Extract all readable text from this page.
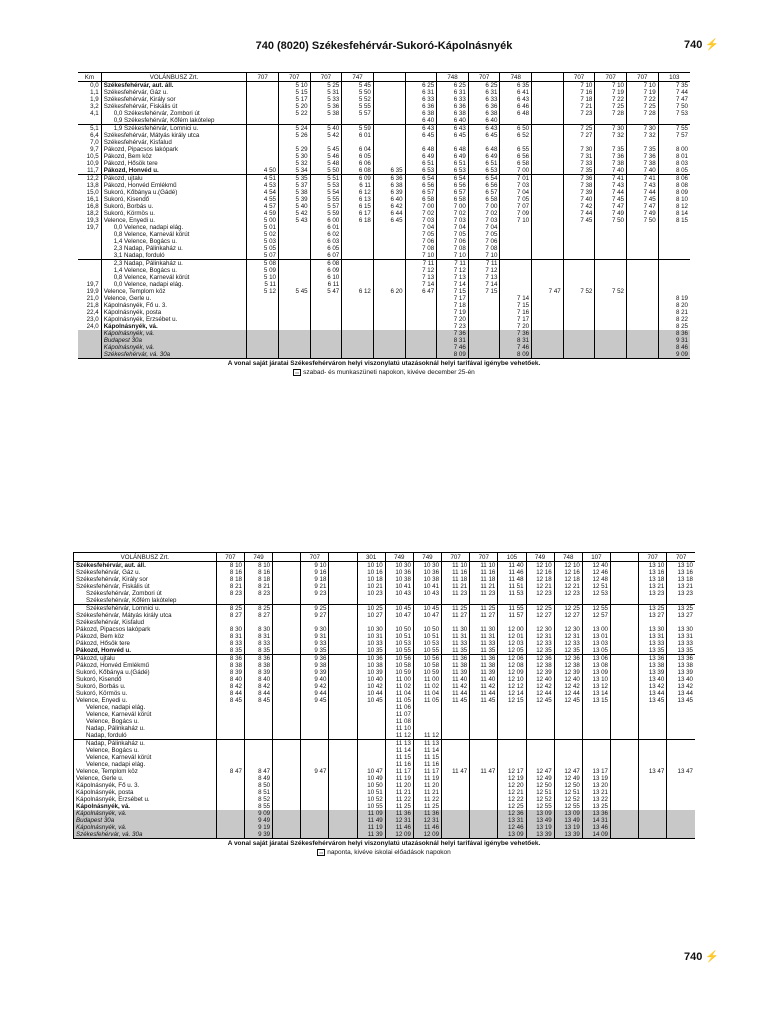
740 (8020) Székesfehérvár-Sukoró-Kápolnásnyék	740 ⚡
Km	VOLÁNBUSZ Zrt.	707	707	707	747			748	707	748		707	707	707	103
0,0	Székesfehérvár, aut. áll.		5 10	5 25	5 45		6 25	6 25	6 25	6 35		7 10	7 10	7 10	7 35
1,1	Székesfehérvár, Gáz u.		5 15	5 31	5 50		6 31	6 31	6 31	6 41		7 16	7 19	7 19	7 44
1,9	Székesfehérvár, Király sor		5 17	5 33	5 52		6 33	6 33	6 33	6 43		7 18	7 22	7 22	7 47
3,2	Székesfehérvár, Fiskális út		5 20	5 36	5 55		6 36	6 36	6 36	6 46		7 21	7 25	7 25	7 50
4,1	0,0 Székesfehérvár, Zombori út		5 22	5 38	5 57		6 38	6 38	6 38	6 48		7 23	7 28	7 28	7 53
	0,9 Székesfehérvár, Kőfém lakótelep						6 40	6 40	6 40						
5,1	1,9 Székesfehérvár, Lomnici u.		5 24	5 40	5 59		6 43	6 43	6 43	6 50		7 25	7 30	7 30	7 55
6,4	Székesfehérvár, Mátyás király utca		5 26	5 42	6 01		6 45	6 45	6 45	6 52		7 27	7 32	7 32	7 57
7,0	Székesfehérvár, Kisfalud														
9,7	Pákozd, Pipacsos lakópark		5 29	5 45	6 04		6 48	6 48	6 48	6 55		7 30	7 35	7 35	8 00
10,5	Pákozd, Bem köz		5 30	5 46	6 05		6 49	6 49	6 49	6 56		7 31	7 36	7 36	8 01
10,9	Pákozd, Hősök tere		5 32	5 48	6 06		6 51	6 51	6 51	6 58		7 33	7 38	7 38	8 03
11,7	Pákozd, Honvéd u.	4 50	5 34	5 50	6 08	6 35	6 53	6 53	6 53	7 00		7 35	7 40	7 40	8 05
12,2	Pákozd, ujtalu	4 51	5 35	5 51	6 09	6 36	6 54	6 54	6 54	7 01		7 36	7 41	7 41	8 06
13,8	Pákozd, Honvéd Emlékmű	4 53	5 37	5 53	6 11	6 38	6 56	6 56	6 56	7 03		7 38	7 43	7 43	8 08
15,0	Sukoró, Kőbánya u.(Gádé)	4 54	5 38	5 54	6 12	6 39	6 57	6 57	6 57	7 04		7 39	7 44	7 44	8 09
16,1	Sukoró, Kisendő	4 55	5 39	5 55	6 13	6 40	6 58	6 58	6 58	7 05		7 40	7 45	7 45	8 10
16,8	Sukoró, Borbás u.	4 57	5 40	5 57	6 15	6 42	7 00	7 00	7 00	7 07		7 42	7 47	7 47	8 12
18,2	Sukoró, Körmös u.	4 59	5 42	5 59	6 17	6 44	7 02	7 02	7 02	7 09		7 44	7 49	7 49	8 14
19,3	Velence, Enyedi u.	5 00	5 43	6 00	6 18	6 45	7 03	7 03	7 03	7 10		7 45	7 50	7 50	8 15
19,7	0,0 Velence, nadapi elág.	5 01		6 01			7 04	7 04	7 04						
	0,8 Velence, Karnevál körút	5 02		6 02			7 05	7 05	7 05						
	1,4 Velence, Bogács u.	5 03		6 03			7 06	7 06	7 06						
	2,3 Nadap, Pálinkaház u.	5 05		6 05			7 08	7 08	7 08						
	3,1 Nadap, forduló	5 07		6 07			7 10	7 10	7 10						
	2,3 Nadap, Pálinkaház u.	5 08		6 08			7 11	7 11	7 11						
	1,4 Velence, Bogács u.	5 09		6 09			7 12	7 12	7 12						
	0,8 Velence, Karnevál körút	5 10		6 10			7 13	7 13	7 13						
19,7	0,0 Velence, nadapi elág.	5 11		6 11			7 14	7 14	7 14						
19,9	Velence, Templom köz	5 12	5 45	5 47	6 12	6 20	6 47	7 15	7 15		7 47	7 52	7 52		
21,0	Velence, Gerle u.							7 17		7 14					8 19
21,8	Kápolnásnyék, Fő u. 3.							7 18		7 15					8 20
22,4	Kápolnásnyék, posta							7 19		7 16					8 21
23,0	Kápolnásnyék, Erzsébet u.							7 20		7 17					8 22
24,0	Kápolnásnyék, vá.							7 23		7 20					8 25
	Kápolnásnyék, vá.							7 36		7 36					8 36
	Budapest 30a							8 31		8 31					9 31
	Kápolnásnyék, vá.							7 46		7 46					8 46
	Székesfehérvár, vá. 30a							8 09		8 09					9 09
A vonal saját járatai Székesfehérváron helyi viszonylatú utazásoknál helyi tarifával igénybe vehetőek.
▭ szabad- és munkaszüneti napokon, kivéve december 25-én
VOLÁNBUSZ Zrt.	707	749		707		301	749	749	707	707	105	749	748	107		707	707
Székesfehérvár, aut. áll.	8 10	8 10		9 10		10 10	10 30	10 30	11 10	11 10	11 40	12 10	12 10	12 40		13 10	13 10
Székesfehérvár, Gáz u.	8 16	8 16		9 16		10 16	10 36	10 36	11 16	11 16	11 46	12 16	12 16	12 46		13 16	13 16
Székesfehérvár, Király sor	8 18	8 18		9 18		10 18	10 38	10 38	11 18	11 18	11 48	12 18	12 18	12 48		13 18	13 18
Székesfehérvár, Fiskális út	8 21	8 21		9 21		10 21	10 41	10 41	11 21	11 21	11 51	12 21	12 21	12 51		13 21	13 21
Székesfehérvár, Zombori út	8 23	8 23		9 23		10 23	10 43	10 43	11 23	11 23	11 53	12 23	12 23	12 53		13 23	13 23
Székesfehérvár, Kőfém lakótelep																	
Székesfehérvár, Lomnici u.	8 25	8 25		9 25		10 25	10 45	10 45	11 25	11 25	11 55	12 25	12 25	12 55		13 25	13 25
Székesfehérvár, Mátyás király utca	8 27	8 27		9 27		10 27	10 47	10 47	11 27	11 27	11 57	12 27	12 27	12 57		13 27	13 27
Székesfehérvár, Kisfalud																	
Pákozd, Pipacsos lakópark	8 30	8 30		9 30		10 30	10 50	10 50	11 30	11 30	12 00	12 30	12 30	13 00		13 30	13 30
Pákozd, Bem köz	8 31	8 31		9 31		10 31	10 51	10 51	11 31	11 31	12 01	12 31	12 31	13 01		13 31	13 31
Pákozd, Hősök tere	8 33	8 33		9 33		10 33	10 53	10 53	11 33	11 33	12 03	12 33	12 33	13 03		13 33	13 33
Pákozd, Honvéd u.	8 35	8 35		9 35		10 35	10 55	10 55	11 35	11 35	12 05	12 35	12 35	13 05		13 35	13 35
Pákozd, ujtalu	8 36	8 36		9 36		10 36	10 56	10 56	11 36	11 36	12 06	12 36	12 36	13 06		13 36	13 36
Pákozd, Honvéd Emlékmű	8 38	8 38		9 38		10 38	10 58	10 58	11 38	11 38	12 08	12 38	12 38	13 08		13 38	13 38
Sukoró, Kőbánya u.(Gádé)	8 39	8 39		9 39		10 39	10 59	10 59	11 39	11 39	12 09	12 39	12 39	13 09		13 39	13 39
Sukoró, Kisendő	8 40	8 40		9 40		10 40	11 00	11 00	11 40	11 40	12 10	12 40	12 40	13 10		13 40	13 40
Sukoró, Borbás u.	8 42	8 42		9 42		10 42	11 02	11 02	11 42	11 42	12 12	12 42	12 42	13 12		13 42	13 42
Sukoró, Körmös u.	8 44	8 44		9 44		10 44	11 04	11 04	11 44	11 44	12 14	12 44	12 44	13 14		13 44	13 44
Velence, Enyedi u.	8 45	8 45		9 45		10 45	11 05	11 05	11 45	11 45	12 15	12 45	12 45	13 15		13 45	13 45
Velence, nadapi elág.							11 06										
Velence, Karnevál körút							11 07										
Velence, Bogács u.							11 08										
Nadap, Pálinkaház u.							11 10										
Nadap, forduló							11 12	11 12									
Nadap, Pálinkaház u.							11 13	11 13									
Velence, Bogács u.							11 14	11 14									
Velence, Karnevál körút							11 15	11 15									
Velence, nadapi elág.							11 16	11 16									
Velence, Templom köz	8 47	8 47		9 47		10 47	11 17	11 17	11 47	11 47	12 17	12 47	12 47	13 17		13 47	13 47
Velence, Gerle u.		8 49				10 49	11 19	11 19			12 19	12 49	12 49	13 19			
Kápolnásnyék, Fő u. 3.		8 50				10 50	11 20	11 20			12 20	12 50	12 50	13 20			
Kápolnásnyék, posta		8 51				10 51	11 21	11 21			12 21	12 51	12 51	13 21			
Kápolnásnyék, Erzsébet u.		8 52				10 52	11 22	11 22			12 22	12 52	12 52	13 22			
Kápolnásnyék, vá.		8 55				10 55	11 25	11 25			12 25	12 55	12 55	13 25			
Kápolnásnyék, vá.		9 09				11 09	11 36	11 36			12 36	13 09	13 09	13 36			
Budapest 30a		9 49				11 49	12 31	12 31			13 31	13 49	13 49	14 31			
Kápolnásnyék, vá.		9 19				11 19	11 46	11 46			12 46	13 19	13 19	13 46			
Székesfehérvár, vá. 30a		9 39				11 39	12 09	12 09			13 09	13 39	13 39	14 09			
A vonal saját járatai Székesfehérváron helyi viszonylatú utazásoknál helyi tarifával igénybe vehetőek.
▭ naponta, kivéve iskolai előadások napokon
740 ⚡
